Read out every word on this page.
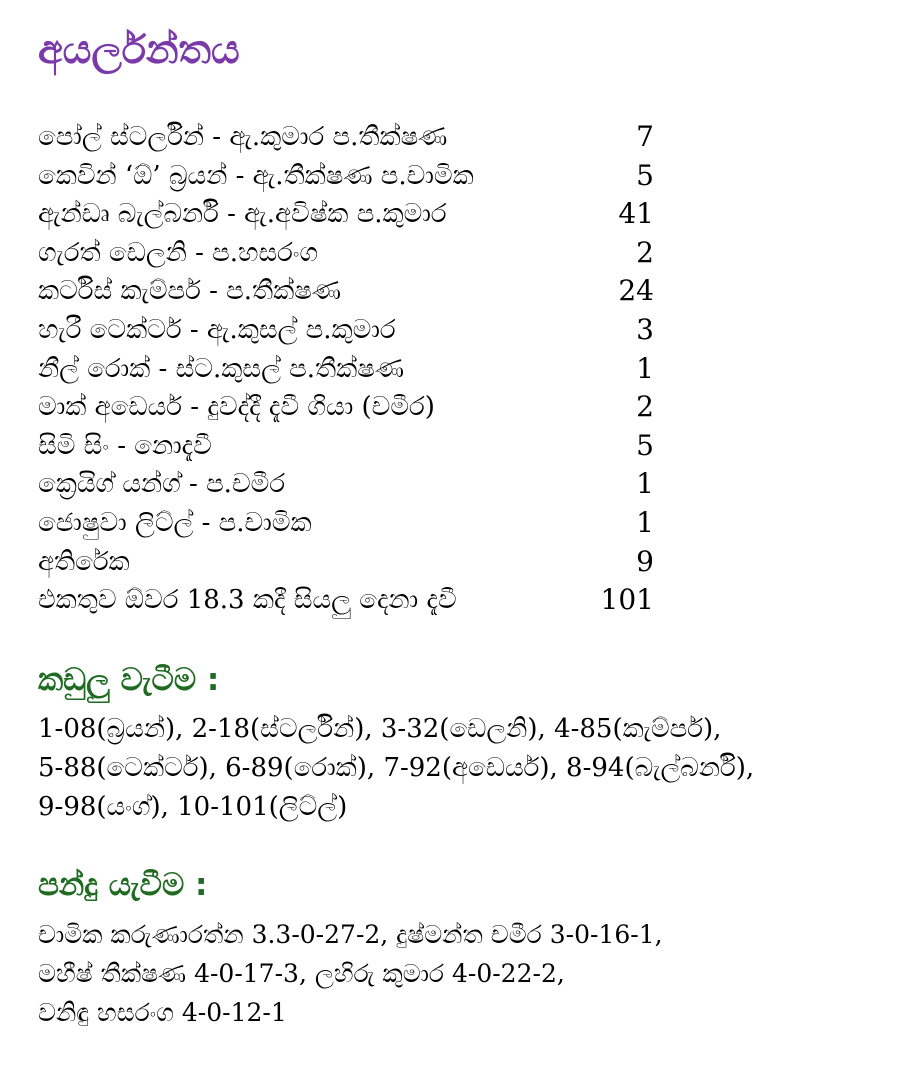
අයර්ලන්තය
පෝල් ස්ටර්ලින් - ඇ.කුමාර ප.තීක්ෂණ	7
කෙවින් ‘ඕ’ බ්‍රයන් - ඇ.තීක්ෂණ ප.චාමික	5
ඇන්ඩෘ බැල්බර්නි - ඇ.අවිෂ්ක ප.කුමාර	41
ගැරත් ඩෙලනි - ප.හසරංග	2
කර්ටිස් කැම්පර් - ප.තීක්ෂණ	24
හැරී ටෙක්ටර් - ඇ.කුසල් ප.කුමාර	3
නීල් රොක් - ස්ට.කුසල් ප.තීක්ෂණ	1
මාක් අඩෙයර් - දුවද්දී දැවී ගියා (චමීර)	2
සිමි සිං - නොදැවී	5
ක්‍රෙයිග් යන්ග් - ප.චමීර	1
ජොෂුවා ලිට්ල් - ප.චාමික	1
අතිරේක	9
එකතුව ඕවර 18.3 කදී සියලු දෙනා දැවී	101
කඩුලු වැටීම :
1-08(බ්‍රයන්), 2-18(ස්ටර්ලින්), 3-32(ඩෙලනි), 4-85(කැම්පර්),
5-88(ටෙක්ටර්), 6-89(රොක්), 7-92(අඩෙයර්), 8-94(බැල්බර්නි),
9-98(යංග්), 10-101(ලිට්ල්)
පන්දු යැවීම :
චාමික කරුණාරත්න 3.3-0-27-2, දුෂ්මන්ත චමීර 3-0-16-1,
මහීෂ් තීක්ෂණ 4-0-17-3, ලහිරු කුමාර 4-0-22-2,
වනිඳු හසරංග 4-0-12-1
